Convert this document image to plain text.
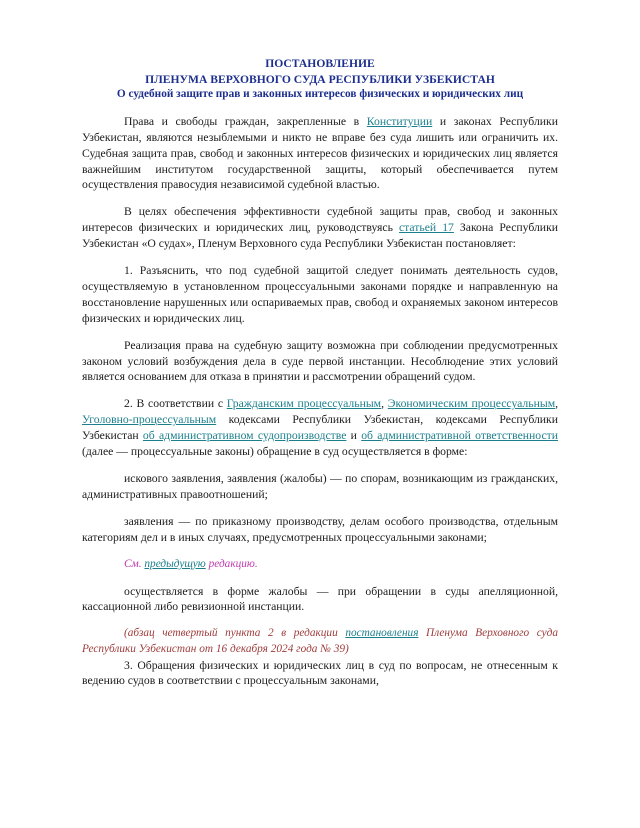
ПОСТАНОВЛЕНИЕ
ПЛЕНУМА ВЕРХОВНОГО СУДА РЕСПУБЛИКИ УЗБЕКИСТАН
О судебной защите прав и законных интересов физических и юридических лиц

Права и свободы граждан, закрепленные в Конституции и законах Республики Узбекистан, являются незыблемыми и никто не вправе без суда лишить или ограничить их. Судебная защита прав, свобод и законных интересов физических и юридических лиц является важнейшим институтом государственной защиты, который обеспечивается путем осуществления правосудия независимой судебной властью.

В целях обеспечения эффективности судебной защиты прав, свобод и законных интересов физических и юридических лиц, руководствуясь статьей 17 Закона Республики Узбекистан «О судах», Пленум Верховного суда Республики Узбекистан постановляет:

1. Разъяснить, что под судебной защитой следует понимать деятельность судов, осуществляемую в установленном процессуальными законами порядке и направленную на восстановление нарушенных или оспариваемых прав, свобод и охраняемых законом интересов физических и юридических лиц.

Реализация права на судебную защиту возможна при соблюдении предусмотренных законом условий возбуждения дела в суде первой инстанции. Несоблюдение этих условий является основанием для отказа в принятии и рассмотрении обращений судом.

2. В соответствии с Гражданским процессуальным, Экономическим процессуальным, Уголовно-процессуальным кодексами Республики Узбекистан, кодексами Республики Узбекистан об административном судопроизводстве и об административной ответственности (далее — процессуальные законы) обращение в суд осуществляется в форме:

искового заявления, заявления (жалобы) — по спорам, возникающим из гражданских, административных правоотношений;

заявления — по приказному производству, делам особого производства, отдельным категориям дел и в иных случаях, предусмотренных процессуальными законами;

См. предыдущую редакцию.

осуществляется в форме жалобы — при обращении в суды апелляционной, кассационной либо ревизионной инстанции.

(абзац четвертый пункта 2 в редакции постановления Пленума Верховного суда Республики Узбекистан от 16 декабря 2024 года № 39)

3. Обращения физических и юридических лиц в суд по вопросам, не отнесенным к ведению судов в соответствии с процессуальным законами,
